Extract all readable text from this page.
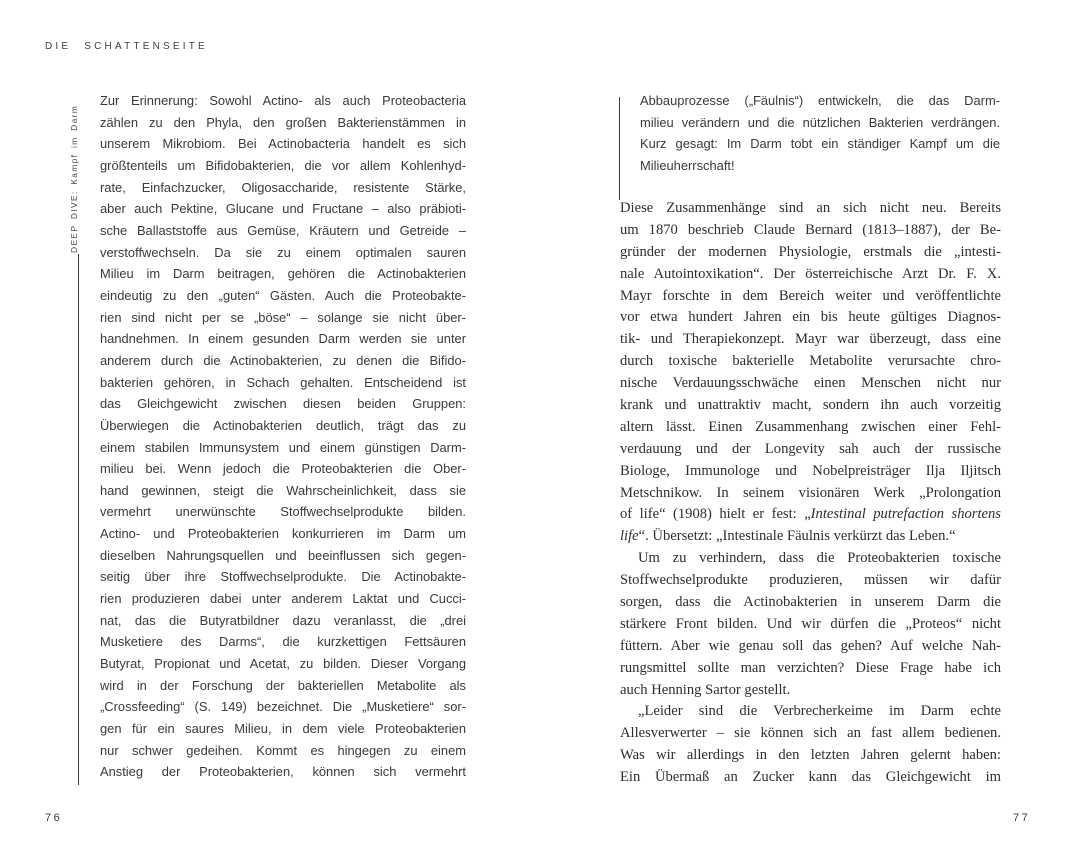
DIE SCHATTENSEITE
DEEP DIVE: Kampf im Darm
Zur Erinnerung: Sowohl Actino- als auch Proteobacteria
zählen zu den Phyla, den großen Bakterienstämmen in
unserem Mikrobiom. Bei Actinobacteria handelt es sich
größtenteils um Bifidobakterien, die vor allem Kohlenhyd-
rate, Einfachzucker, Oligosaccharide, resistente Stärke,
aber auch Pektine, Glucane und Fructane – also präbioti-
sche Ballaststoffe aus Gemüse, Kräutern und Getreide –
verstoffwechseln. Da sie zu einem optimalen sauren
Milieu im Darm beitragen, gehören die Actinobakterien
eindeutig zu den „guten“ Gästen. Auch die Proteobakte-
rien sind nicht per se „böse“ – solange sie nicht über-
handnehmen. In einem gesunden Darm werden sie unter
anderem durch die Actinobakterien, zu denen die Bifido-
bakterien gehören, in Schach gehalten. Entscheidend ist
das Gleichgewicht zwischen diesen beiden Gruppen:
Überwiegen die Actinobakterien deutlich, trägt das zu
einem stabilen Immunsystem und einem günstigen Darm-
milieu bei. Wenn jedoch die Proteobakterien die Ober-
hand gewinnen, steigt die Wahrscheinlichkeit, dass sie
vermehrt unerwünschte Stoffwechselprodukte bilden.
Actino- und Proteobakterien konkurrieren im Darm um
dieselben Nahrungsquellen und beeinflussen sich gegen-
seitig über ihre Stoffwechselprodukte. Die Actinobakte-
rien produzieren dabei unter anderem Laktat und Cucci-
nat, das die Butyratbildner dazu veranlasst, die „drei
Musketiere des Darms“, die kurzkettigen Fettsäuren
Butyrat, Propionat und Acetat, zu bilden. Dieser Vorgang
wird in der Forschung der bakteriellen Metabolite als
„Crossfeeding“ (S. 149) bezeichnet. Die „Musketiere“ sor-
gen für ein saures Milieu, in dem viele Proteobakterien
nur schwer gedeihen. Kommt es hingegen zu einem
Anstieg der Proteobakterien, können sich vermehrt
76
Abbauprozesse („Fäulnis“) entwickeln, die das Darm-
milieu verändern und die nützlichen Bakterien verdrängen.
Kurz gesagt: Im Darm tobt ein ständiger Kampf um die
Milieuherrschaft!
Diese Zusammenhänge sind an sich nicht neu. Bereits
um 1870 beschrieb Claude Bernard (1813–1887), der Be-
gründer der modernen Physiologie, erstmals die „intesti-
nale Autointoxikation“. Der österreichische Arzt Dr. F. X.
Mayr forschte in dem Bereich weiter und veröffentlichte
vor etwa hundert Jahren ein bis heute gültiges Diagnos-
tik- und Therapiekonzept. Mayr war überzeugt, dass eine
durch toxische bakterielle Metabolite verursachte chro-
nische Verdauungsschwäche einen Menschen nicht nur
krank und unattraktiv macht, sondern ihn auch vorzeitig
altern lässt. Einen Zusammenhang zwischen einer Fehl-
verdauung und der Longevity sah auch der russische
Biologe, Immunologe und Nobelpreisträger Ilja Iljitsch
Metschnikow. In seinem visionären Werk „Prolongation
of life“ (1908) hielt er fest: „Intestinal putrefaction shortens
life“. Übersetzt: „Intestinale Fäulnis verkürzt das Leben.“
Um zu verhindern, dass die Proteobakterien toxische
Stoffwechselprodukte produzieren, müssen wir dafür
sorgen, dass die Actinobakterien in unserem Darm die
stärkere Front bilden. Und wir dürfen die „Proteos“ nicht
füttern. Aber wie genau soll das gehen? Auf welche Nah-
rungsmittel sollte man verzichten? Diese Frage habe ich
auch Henning Sartor gestellt.
„Leider sind die Verbrecherkeime im Darm echte
Allesverwerter – sie können sich an fast allem bedienen.
Was wir allerdings in den letzten Jahren gelernt haben:
Ein Übermaß an Zucker kann das Gleichgewicht im
77
